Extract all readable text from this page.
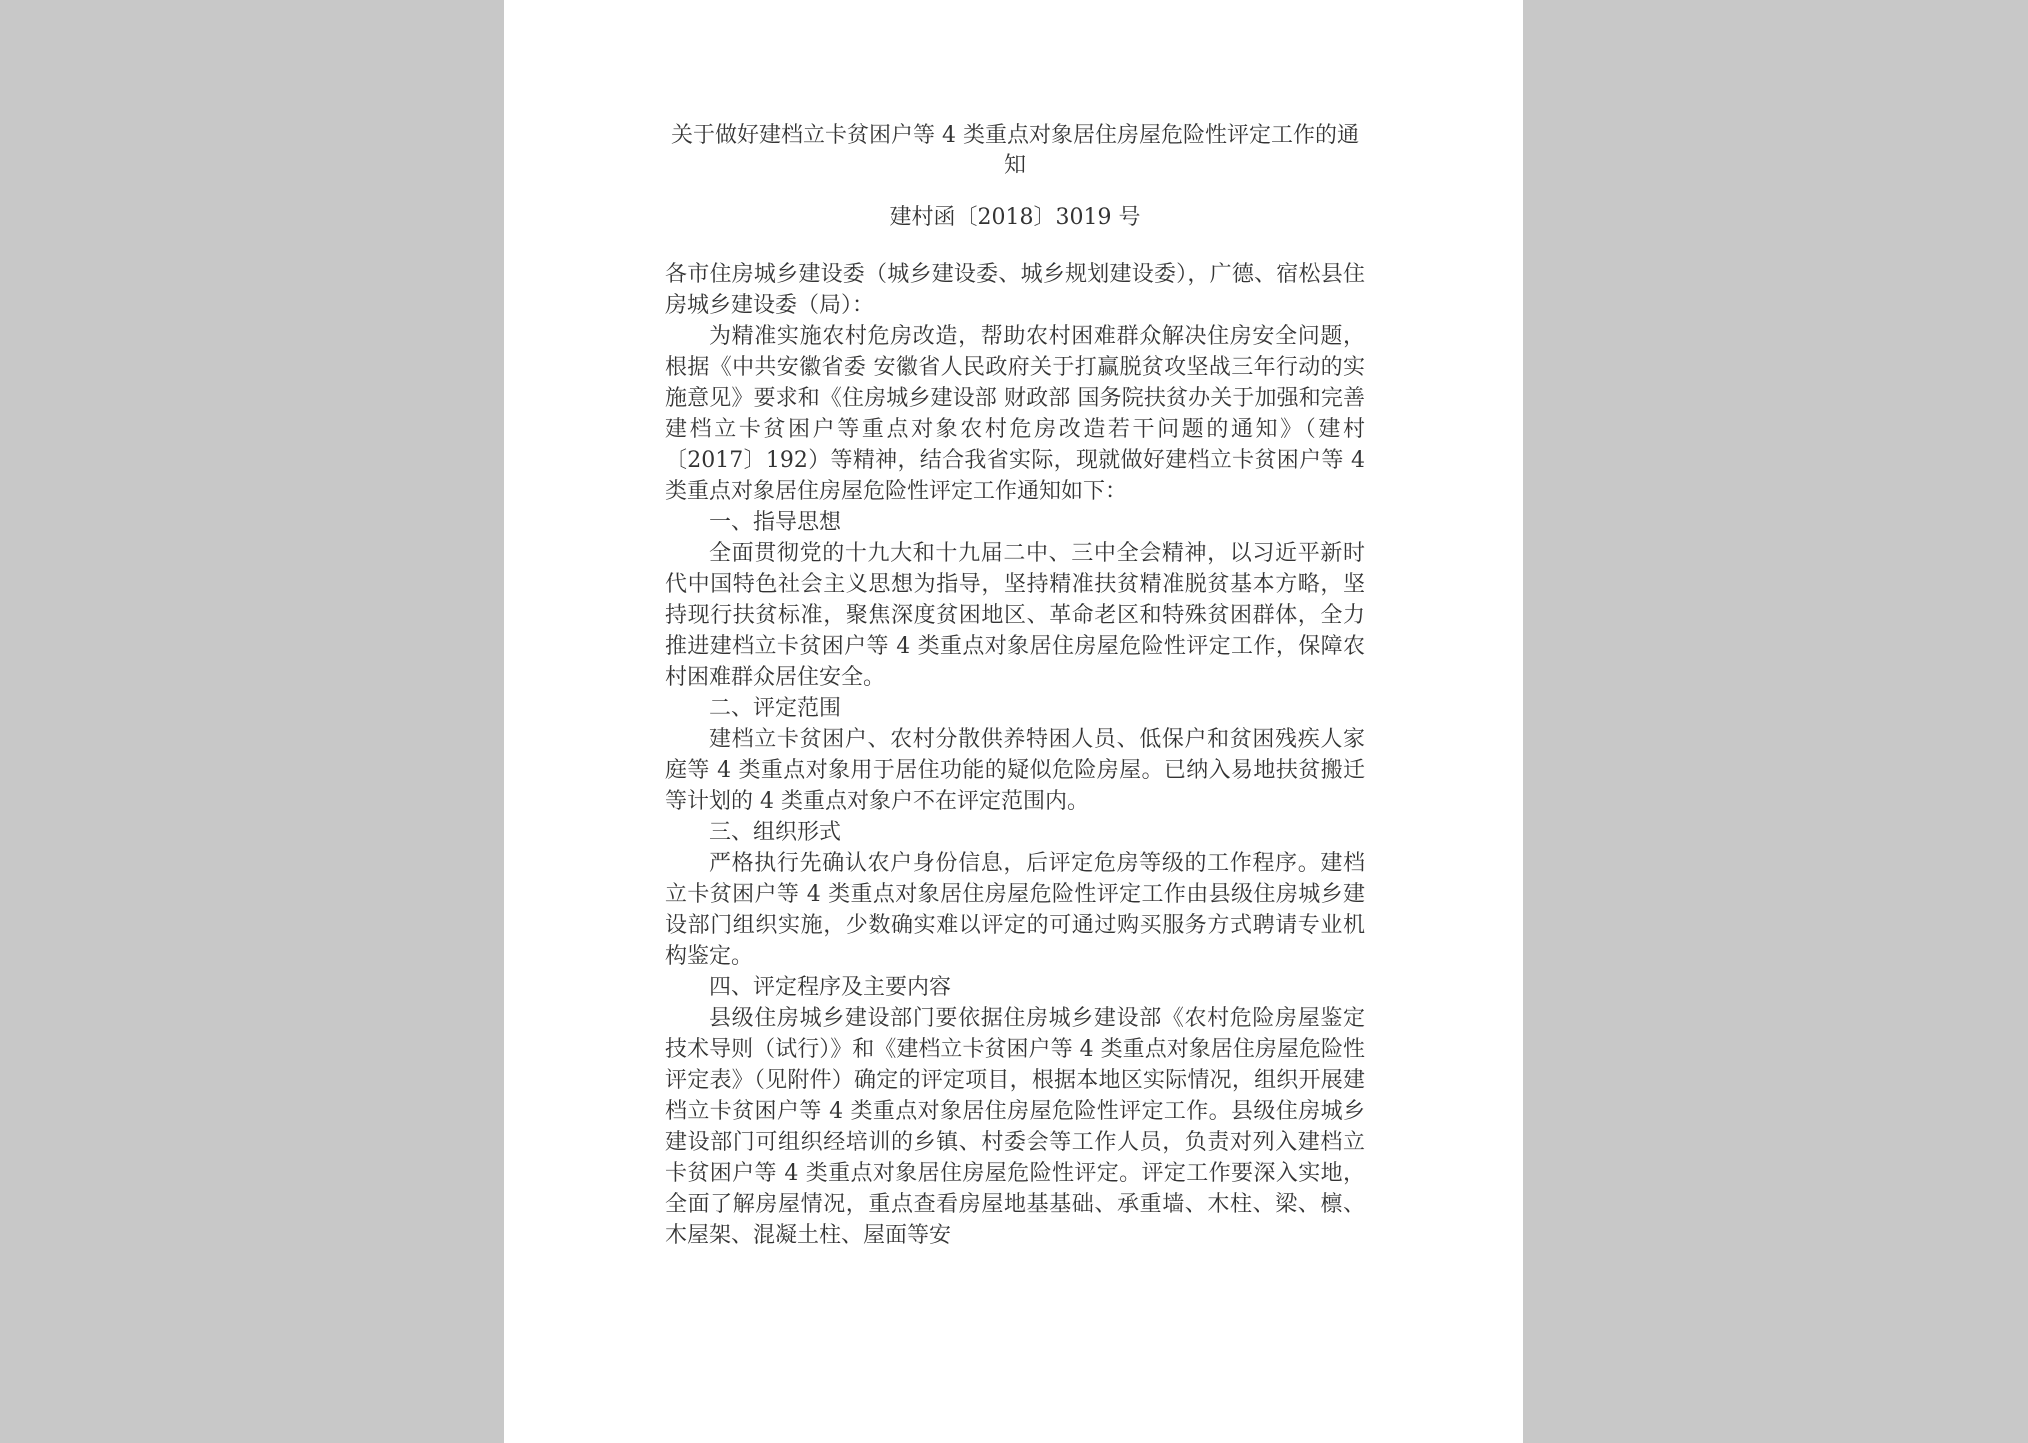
关于做好建档立卡贫困户等 4 类重点对象居住房屋危险性评定工作的通知
建村函〔2018〕3019 号

各市住房城乡建设委（城乡建设委、城乡规划建设委），广德、宿松县住房城乡建设委（局）：

为精准实施农村危房改造，帮助农村困难群众解决住房安全问题，根据《中共安徽省委 安徽省人民政府关于打赢脱贫攻坚战三年行动的实施意见》要求和《住房城乡建设部 财政部 国务院扶贫办关于加强和完善建档立卡贫困户等重点对象农村危房改造若干问题的通知》（建村〔2017〕192）等精神，结合我省实际，现就做好建档立卡贫困户等 4 类重点对象居住房屋危险性评定工作通知如下：

一、指导思想

全面贯彻党的十九大和十九届二中、三中全会精神，以习近平新时代中国特色社会主义思想为指导，坚持精准扶贫精准脱贫基本方略，坚持现行扶贫标准，聚焦深度贫困地区、革命老区和特殊贫困群体，全力推进建档立卡贫困户等 4 类重点对象居住房屋危险性评定工作，保障农村困难群众居住安全。

二、评定范围

建档立卡贫困户、农村分散供养特困人员、低保户和贫困残疾人家庭等 4 类重点对象用于居住功能的疑似危险房屋。已纳入易地扶贫搬迁等计划的 4 类重点对象户不在评定范围内。

三、组织形式

严格执行先确认农户身份信息，后评定危房等级的工作程序。建档立卡贫困户等 4 类重点对象居住房屋危险性评定工作由县级住房城乡建设部门组织实施，少数确实难以评定的可通过购买服务方式聘请专业机构鉴定。

四、评定程序及主要内容

县级住房城乡建设部门要依据住房城乡建设部《农村危险房屋鉴定技术导则（试行）》和《建档立卡贫困户等 4 类重点对象居住房屋危险性评定表》（见附件）确定的评定项目，根据本地区实际情况，组织开展建档立卡贫困户等 4 类重点对象居住房屋危险性评定工作。县级住房城乡建设部门可组织经培训的乡镇、村委会等工作人员，负责对列入建档立卡贫困户等 4 类重点对象居住房屋危险性评定。评定工作要深入实地，全面了解房屋情况，重点查看房屋地基基础、承重墙、木柱、梁、檩、木屋架、混凝土柱、屋面等安
